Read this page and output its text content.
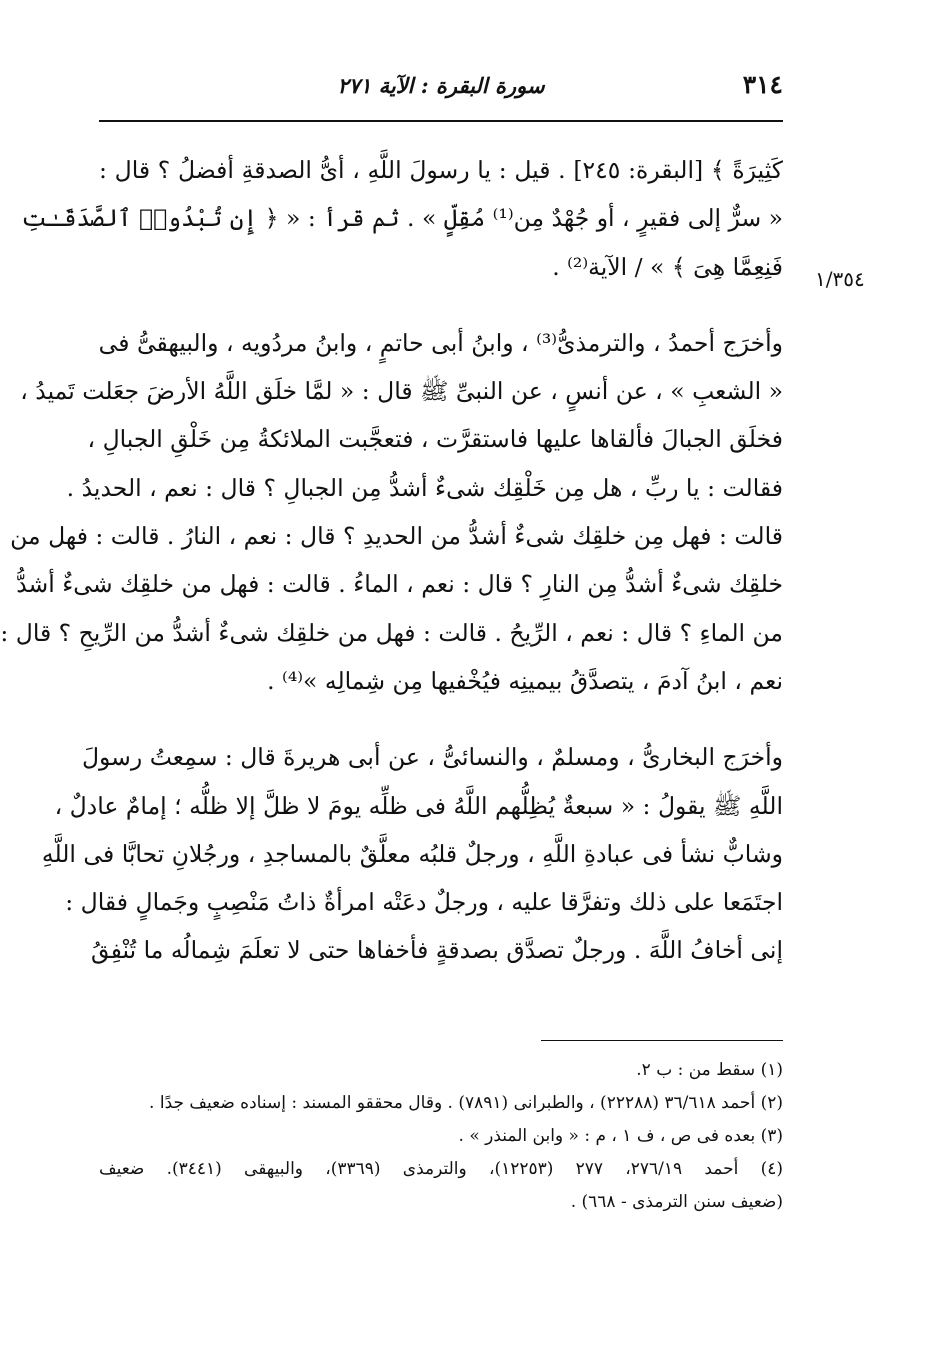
٣١٤
سورة البقرة : الآية ٢٧١
١/٣٥٤
كَثِيرَةً ﴾ [البقرة: ٢٤٥] . قيل : يا رسولَ اللَّهِ ، أىُّ الصدقةِ أفضلُ ؟ قال :
« سرٌّ إلى فقيرٍ ، أو جُهْدٌ مِن⁽¹⁾ مُقِلٍّ » . ثم قرأ : « ﴿ إِن تُبْدُوا۟ ٱلصَّدَقَـٰتِ
فَنِعِمَّا هِىَ ﴾ » / الآية⁽²⁾ .
وأخرَج أحمدُ ، والترمذىُّ⁽³⁾ ، وابنُ أبى حاتمٍ ، وابنُ مردُويه ، والبيهقىُّ فى
« الشعبِ » ، عن أنسٍ ، عن النبىِّ ﷺ قال : « لمَّا خلَق اللَّهُ الأرضَ جعَلت تَميدُ ،
فخلَق الجبالَ فألقاها عليها فاستقرَّت ، فتعجَّبت الملائكةُ مِن خَلْقِ الجبالِ ،
فقالت : يا ربِّ ، هل مِن خَلْقِك شىءٌ أشدُّ مِن الجبالِ ؟ قال : نعم ، الحديدُ .
قالت : فهل مِن خلقِك شىءٌ أشدُّ من الحديدِ ؟ قال : نعم ، النارُ . قالت : فهل من
خلقِك شىءٌ أشدُّ مِن النارِ ؟ قال : نعم ، الماءُ . قالت : فهل من خلقِك شىءٌ أشدُّ
من الماءِ ؟ قال : نعم ، الرِّيحُ . قالت : فهل من خلقِك شىءٌ أشدُّ من الرِّيحِ ؟ قال :
نعم ، ابنُ آدمَ ، يتصدَّقُ بيمينِه فيُخْفيها مِن شِمالِه »⁽⁴⁾ .
وأخرَج البخارىُّ ، ومسلمٌ ، والنسائىُّ ، عن أبى هريرةَ قال : سمِعتُ رسولَ
اللَّهِ ﷺ يقولُ : « سبعةٌ يُظِلُّهم اللَّهُ فى ظلِّه يومَ لا ظلَّ إلا ظلُّه ؛ إمامٌ عادلٌ ،
وشابٌّ نشأ فى عبادةِ اللَّهِ ، ورجلٌ قلبُه معلَّقٌ بالمساجدِ ، ورجُلانِ تحابَّا فى اللَّهِ
اجتَمَعا على ذلك وتفرَّقا عليه ، ورجلٌ دعَتْه امرأةٌ ذاتُ مَنْصِبٍ وجَمالٍ فقال :
إنى أخافُ اللَّهَ . ورجلٌ تصدَّق بصدقةٍ فأخفاها حتى لا تعلَمَ شِمالُه ما تُنْفِقُ
(١) سقط من : ب ٢.
(٢) أحمد ٣٦/٦١٨ (٢٢٢٨٨) ، والطبرانى (٧٨٩١) . وقال محققو المسند : إسناده ضعيف جدًا .
(٣) بعده فى ص ، ف ١ ، م : « وابن المنذر » .
(٤) أحمد ٢٧٦/١٩، ٢٧٧ (١٢٢٥٣)، والترمذى (٣٣٦٩)، والبيهقى (٣٤٤١). ضعيف
(ضعيف سنن الترمذى - ٦٦٨) .
